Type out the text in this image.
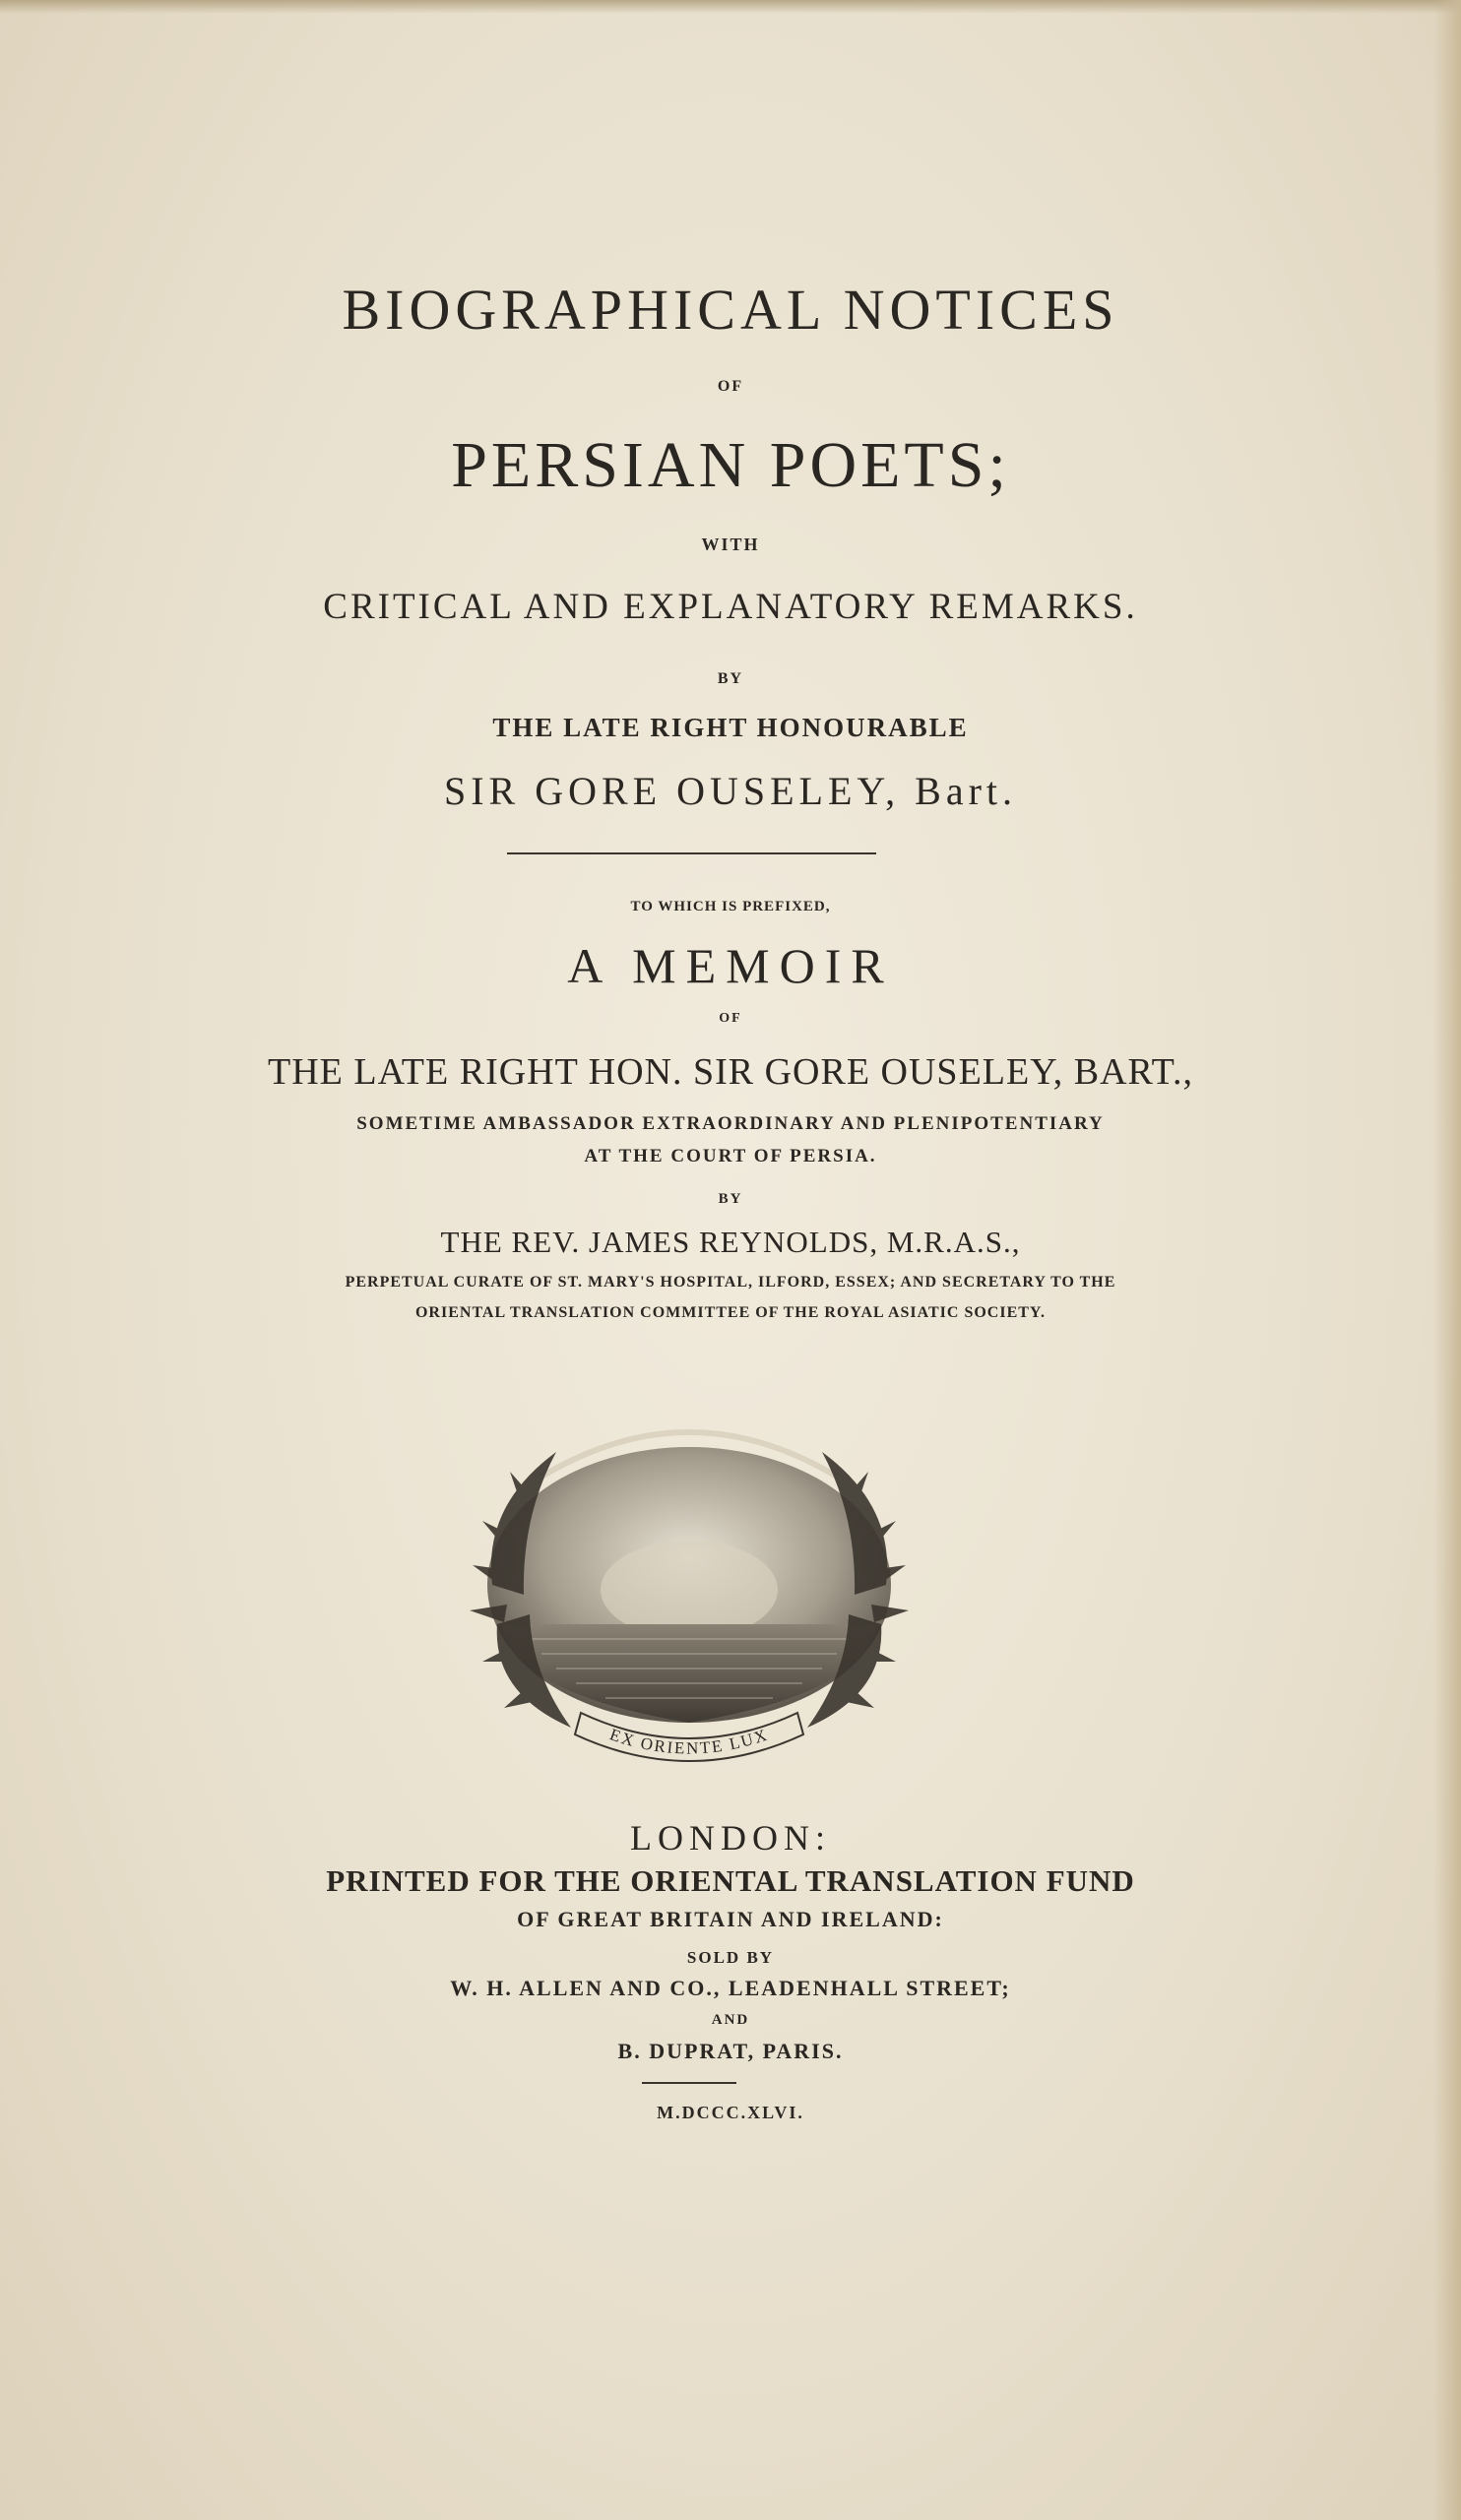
BIOGRAPHICAL NOTICES
OF
PERSIAN POETS;
WITH
CRITICAL AND EXPLANATORY REMARKS.
BY
THE LATE RIGHT HONOURABLE
SIR GORE OUSELEY, Bart.
TO WHICH IS PREFIXED,
A MEMOIR
OF
THE LATE RIGHT HON. SIR GORE OUSELEY, BART.,
SOMETIME AMBASSADOR EXTRAORDINARY AND PLENIPOTENTIARY
AT THE COURT OF PERSIA.
BY
THE REV. JAMES REYNOLDS, M.R.A.S.,
PERPETUAL CURATE OF ST. MARY'S HOSPITAL, ILFORD, ESSEX; AND SECRETARY TO THE
ORIENTAL TRANSLATION COMMITTEE OF THE ROYAL ASIATIC SOCIETY.
EX ORIENTE LUX
LONDON:
PRINTED FOR THE ORIENTAL TRANSLATION FUND
OF GREAT BRITAIN AND IRELAND:
SOLD BY
W. H. ALLEN AND CO., LEADENHALL STREET;
AND
B. DUPRAT, PARIS.
M.DCCC.XLVI.
